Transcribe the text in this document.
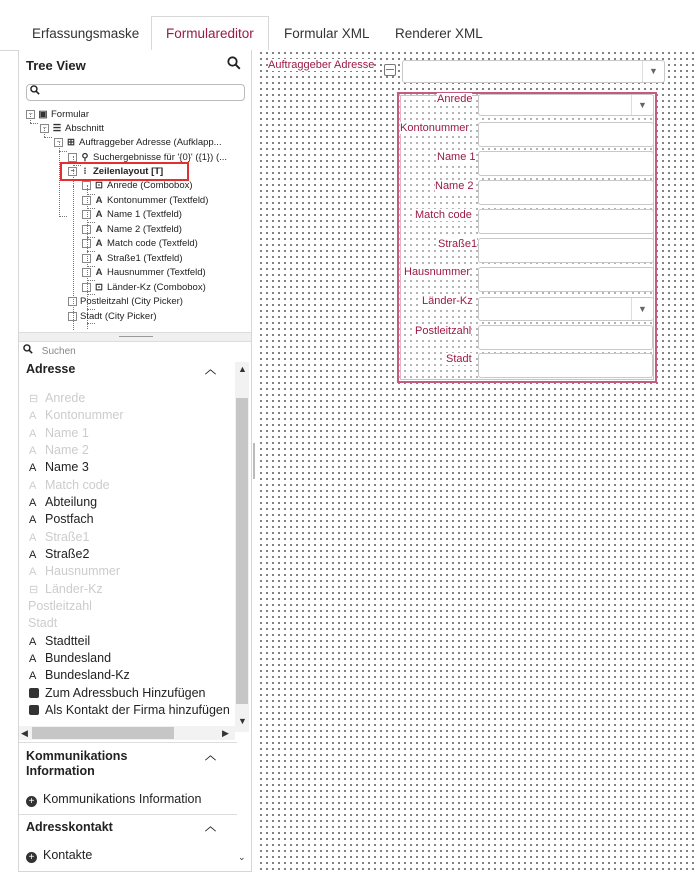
Erfassungsmaske	Formulareditor	Formular XML	Renderer XML
Tree View
− ▣ Formular
− ☰ Abschnitt
− ⊞ Auftraggeber Adresse (Aufklapp...
⚲ Suchergebnisse für '{0}' ({1}) (...
− ⁝ Zeilenlayout [T]
⊡ Anrede (Combobox)
A Kontonummer (Textfeld)
A Name 1 (Textfeld)
A Name 2 (Textfeld)
A Match code (Textfeld)
A Straße1 (Textfeld)
A Hausnummer (Textfeld)
⊡ Länder-Kz (Combobox)
Postleitzahl (City Picker)
Stadt (City Picker)
Suchen
Adresse	︿
⊟ Anrede
A Kontonummer
A Name 1
A Name 2
A Name 3
A Match code
A Abteilung
A Postfach
A Straße1
A Straße2
A Hausnummer
⊟ Länder-Kz
Postleitzahl
Stadt
A Stadtteil
A Bundesland
A Bundesland-Kz
Zum Adressbuch Hinzufügen
Als Kontakt der Firma hinzufügen
▲
▼
◀	▶
Kommunikations Information
︿
+ Kommunikations Information
Adresskontakt	︿
+ Kontakte	⌄
Auftraggeber Adresse	▼
Anrede	▼
Kontonummer
Name 1
Name 2
Match code
Straße1
Hausnummer
Länder-Kz
▼
Postleitzahl
Stadt
